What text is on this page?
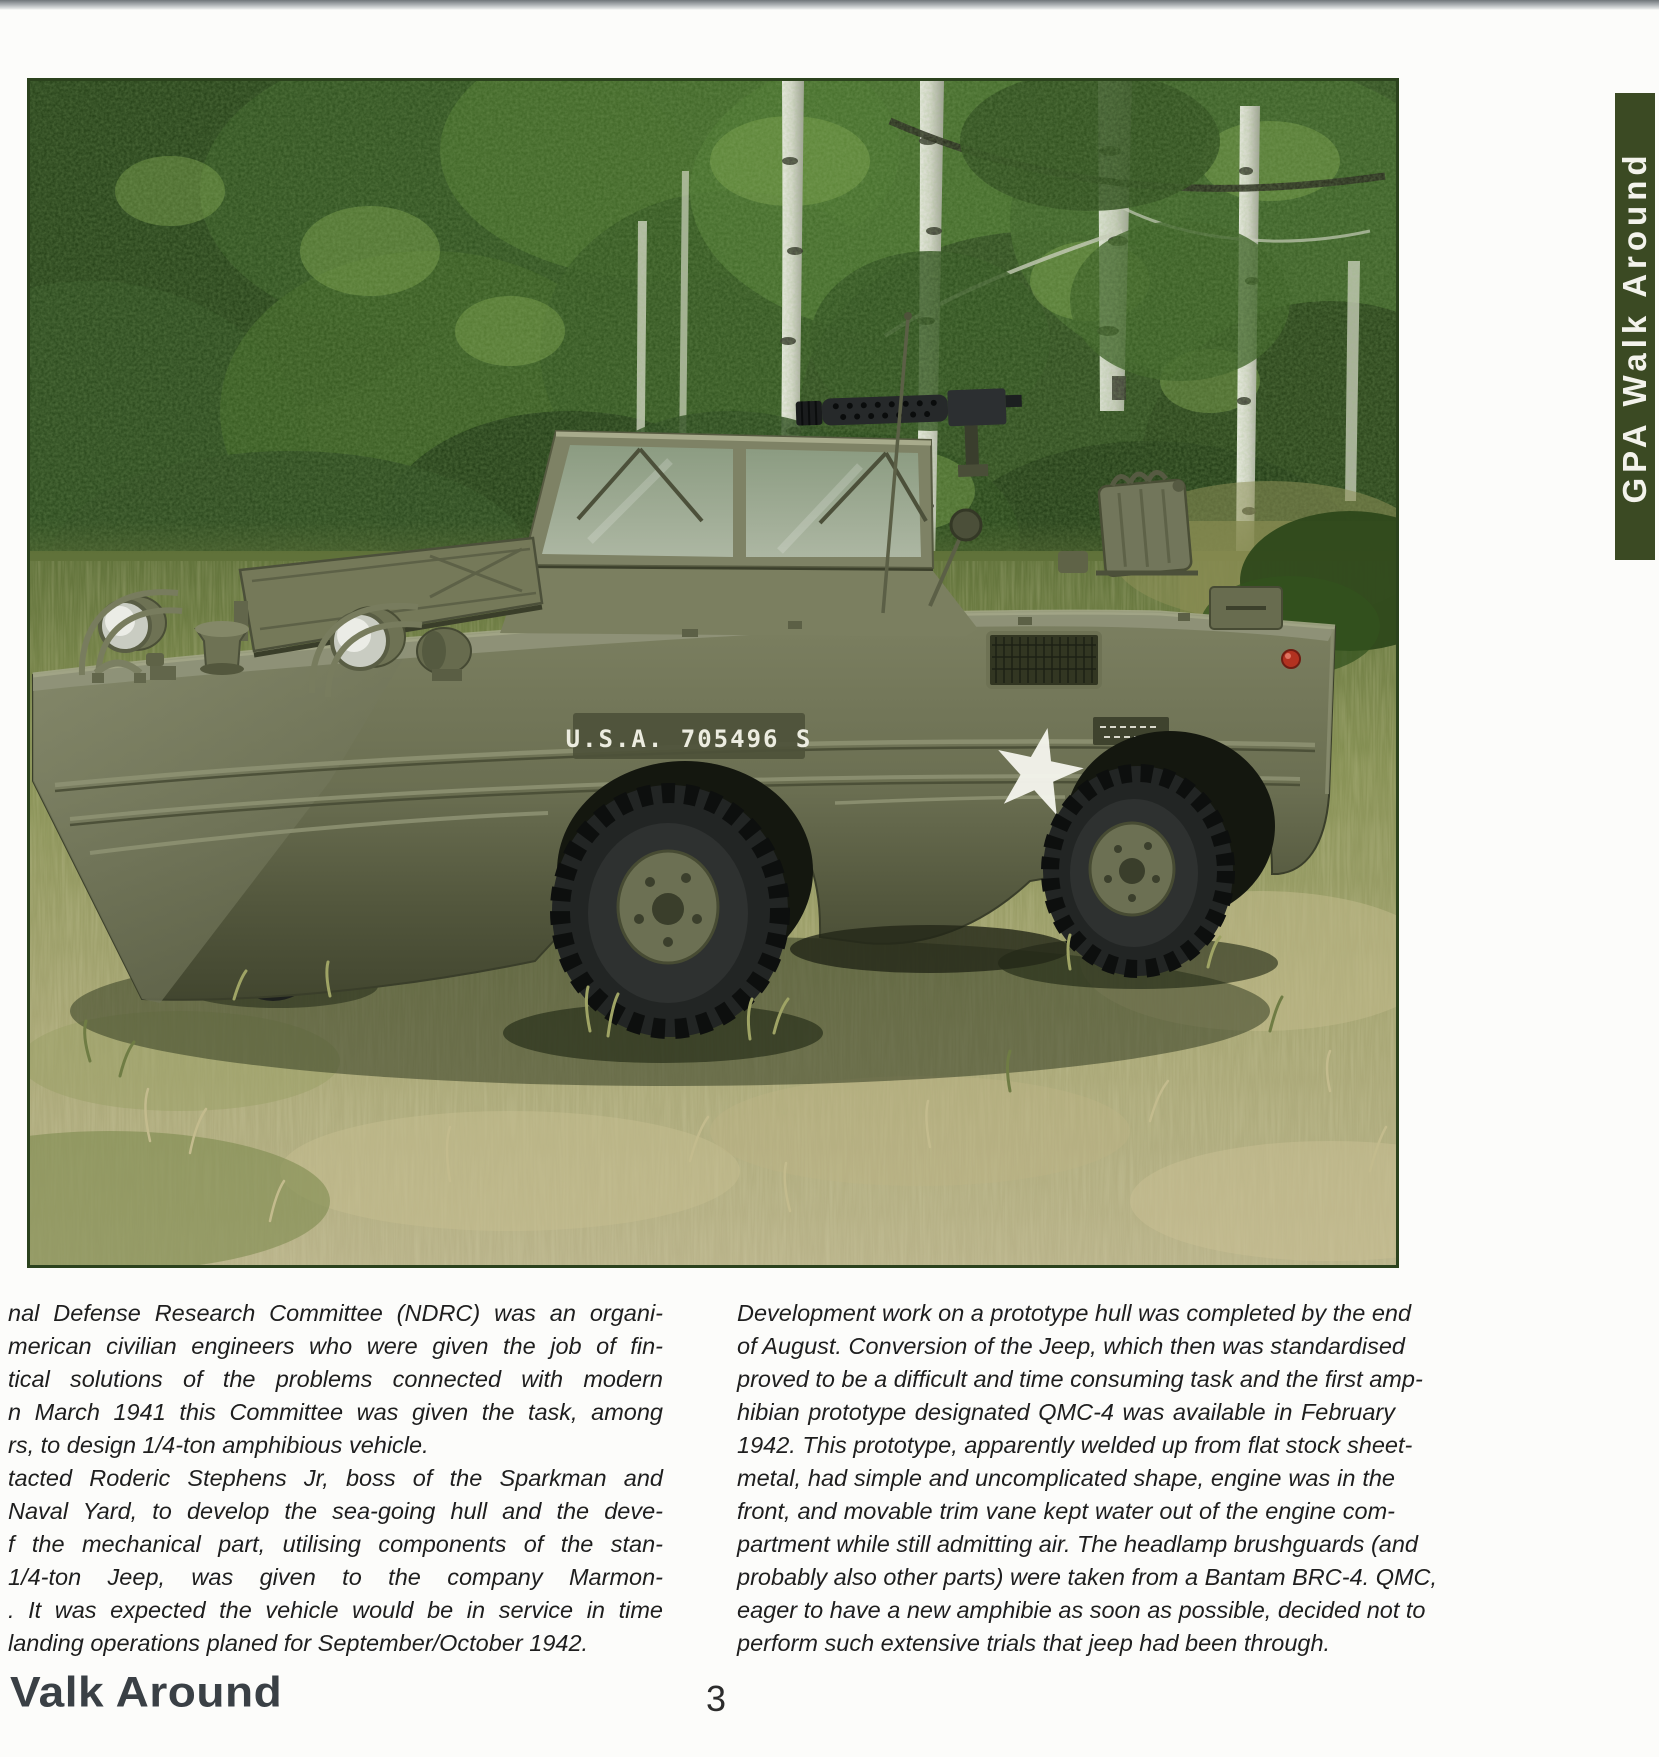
U.S.A. 705496 S
GPA Walk Around
nal Defense Research Committee (NDRC) was an organi-
merican civilian engineers who were given the job of fin-
tical solutions of the problems connected with modern
n March 1941 this Committee was given the task, among
rs, to design 1/4-ton amphibious vehicle.
tacted Roderic Stephens Jr, boss of the Sparkman and
Naval Yard, to develop the sea-going hull and the deve-
f the mechanical part, utilising components of the stan-
1/4-ton Jeep, was given to the company Marmon-
. It was expected the vehicle would be in service in time
landing operations planed for September/October 1942.
Development work on a prototype hull was completed by the end
of August. Conversion of the Jeep, which then was standardised
proved to be a difficult and time consuming task and the first amp-
hibian prototype designated QMC-4 was available in February
1942. This prototype, apparently welded up from flat stock sheet-
metal, had simple and uncomplicated shape, engine was in the
front, and movable trim vane kept water out of the engine com-
partment while still admitting air. The headlamp brushguards (and
probably also other parts) were taken from a Bantam BRC-4. QMC,
eager to have a new amphibie as soon as possible, decided not to
perform such extensive trials that jeep had been through.
Valk Around	3
